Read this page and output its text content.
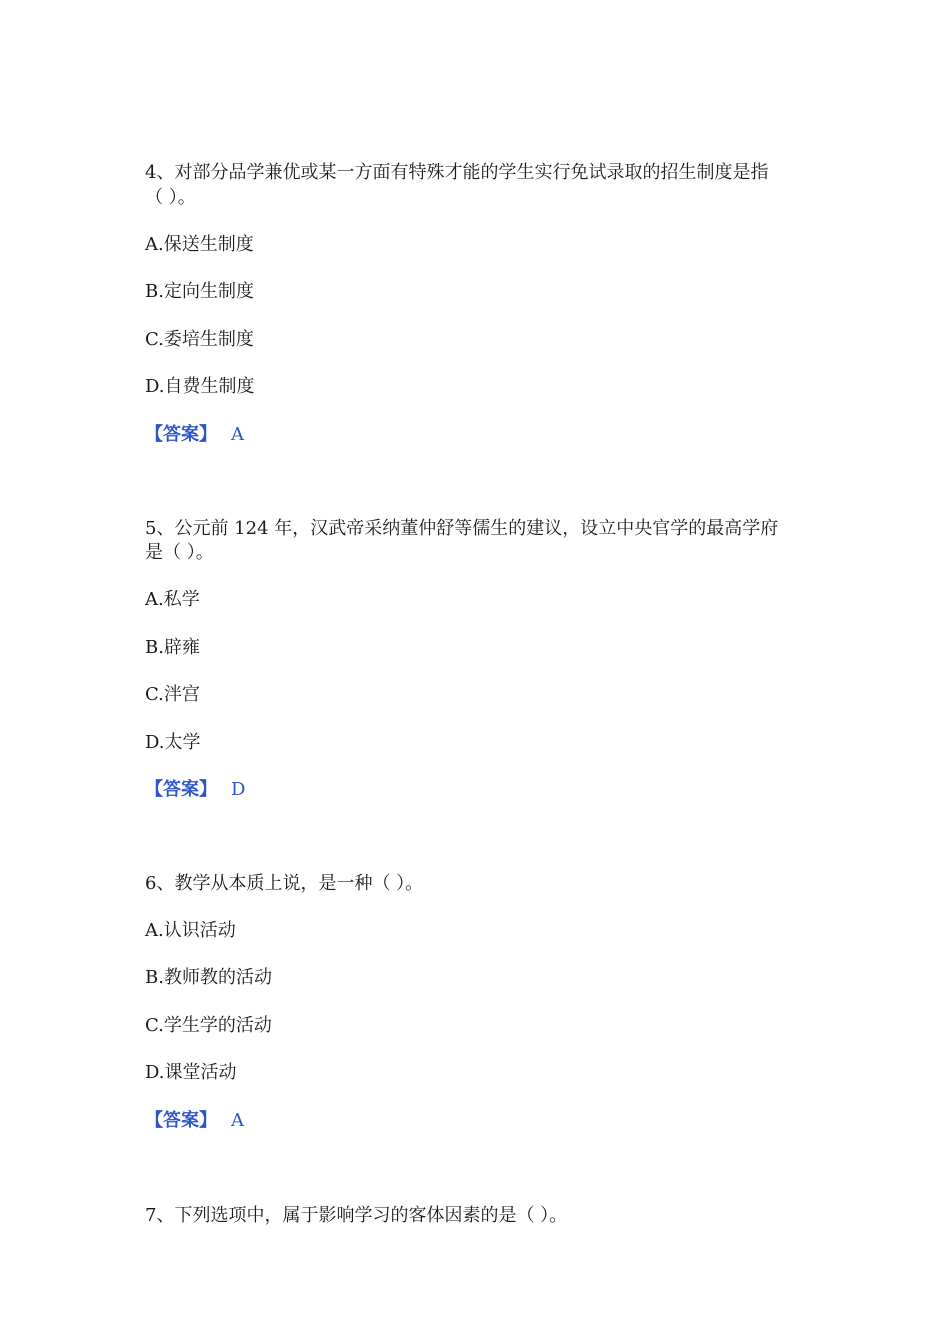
4、对部分品学兼优或某一方面有特殊才能的学生实行免试录取的招生制度是指
（ ）。
A.保送生制度
B.定向生制度
C.委培生制度
D.自费生制度
【答案】 A
5、公元前 124 年，汉武帝采纳董仲舒等儒生的建议，设立中央官学的最高学府
是（ ）。
A.私学
B.辟雍
C.泮宫
D.太学
【答案】 D
6、教学从本质上说，是一种（ ）。
A.认识活动
B.教师教的活动
C.学生学的活动
D.课堂活动
【答案】 A
7、下列选项中，属于影响学习的客体因素的是（ ）。
